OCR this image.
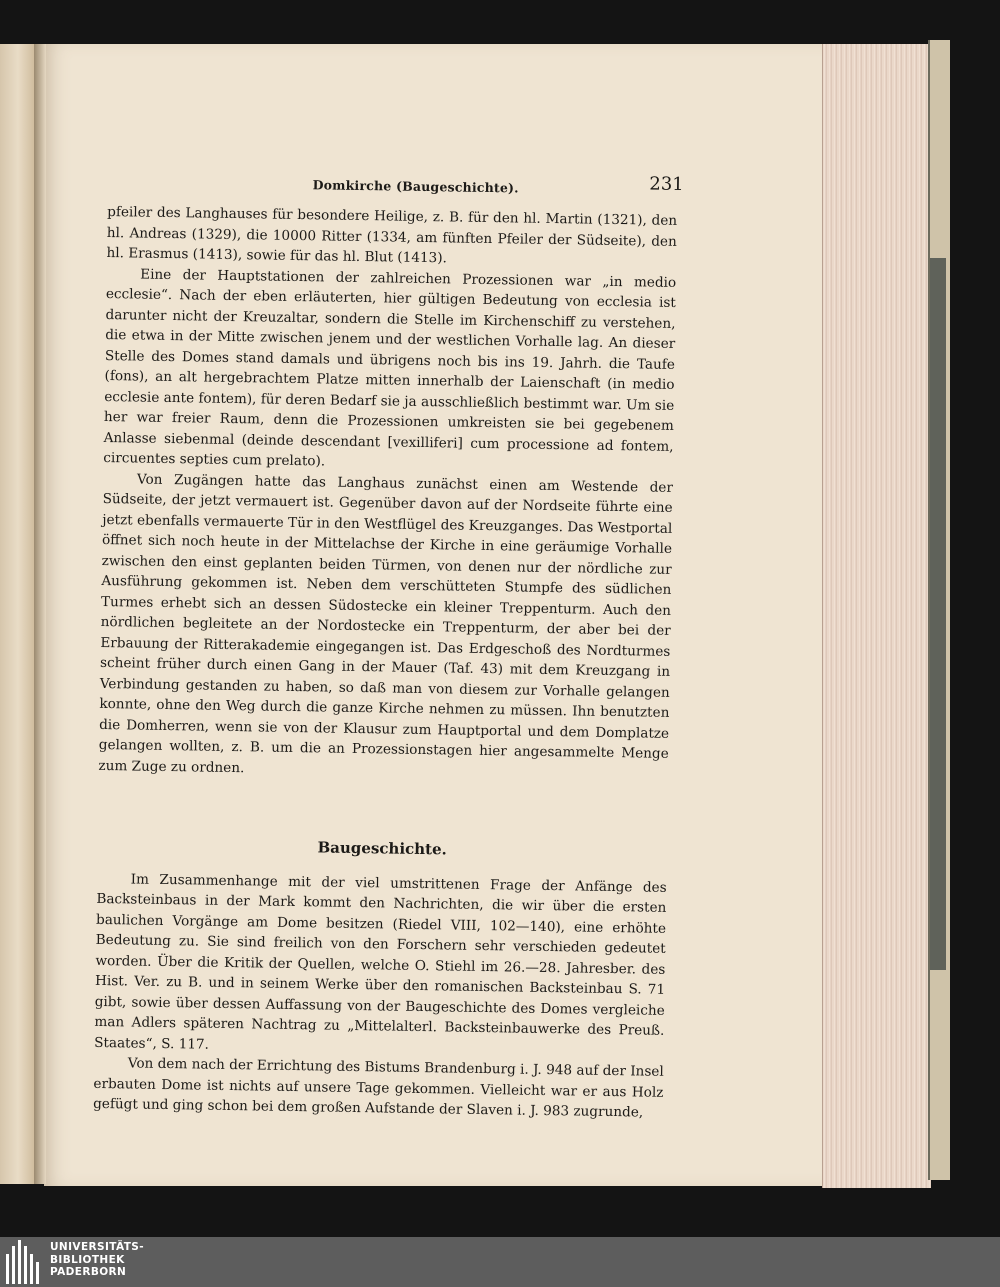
Domkirche (Baugeschichte).	231

pfeiler des Langhauses für besondere Heilige, z. B. für den hl. Martin (1321), den hl. Andreas (1329), die 10000 Ritter (1334, am fünften Pfeiler der Südseite), den hl. Erasmus (1413), sowie für das hl. Blut (1413).

Eine der Hauptstationen der zahlreichen Prozessionen war „in medio ecclesie“. Nach der eben erläuterten, hier gültigen Bedeutung von ecclesia ist darunter nicht der Kreuzaltar, sondern die Stelle im Kirchenschiff zu verstehen, die etwa in der Mitte zwischen jenem und der westlichen Vorhalle lag. An dieser Stelle des Domes stand damals und übrigens noch bis ins 19. Jahrh. die Taufe (fons), an alt hergebrachtem Platze mitten innerhalb der Laienschaft (in medio ecclesie ante fontem), für deren Bedarf sie ja ausschließlich bestimmt war. Um sie her war freier Raum, denn die Prozessionen umkreisten sie bei gegebenem Anlasse siebenmal (deinde descendant [vexilliferi] cum processione ad fontem, circuentes septies cum prelato).

Von Zugängen hatte das Langhaus zunächst einen am Westende der Südseite, der jetzt vermauert ist. Gegenüber davon auf der Nordseite führte eine jetzt ebenfalls vermauerte Tür in den Westflügel des Kreuzganges. Das Westportal öffnet sich noch heute in der Mittelachse der Kirche in eine geräumige Vorhalle zwischen den einst geplanten beiden Türmen, von denen nur der nördliche zur Ausführung gekommen ist. Neben dem verschütteten Stumpfe des südlichen Turmes erhebt sich an dessen Südostecke ein kleiner Treppenturm. Auch den nördlichen begleitete an der Nordostecke ein Treppenturm, der aber bei der Erbauung der Ritterakademie eingegangen ist. Das Erdgeschoß des Nordturmes scheint früher durch einen Gang in der Mauer (Taf. 43) mit dem Kreuzgang in Verbindung gestanden zu haben, so daß man von diesem zur Vorhalle gelangen konnte, ohne den Weg durch die ganze Kirche nehmen zu müssen. Ihn benutzten die Domherren, wenn sie von der Klausur zum Hauptportal und dem Domplatze gelangen wollten, z. B. um die an Prozessionstagen hier angesammelte Menge zum Zuge zu ordnen.

Baugeschichte.

Im Zusammenhange mit der viel umstrittenen Frage der Anfänge des Backsteinbaus in der Mark kommt den Nachrichten, die wir über die ersten baulichen Vorgänge am Dome besitzen (Riedel VIII, 102—140), eine erhöhte Bedeutung zu. Sie sind freilich von den Forschern sehr verschieden gedeutet worden. Über die Kritik der Quellen, welche O. Stiehl im 26.—28. Jahresber. des Hist. Ver. zu B. und in seinem Werke über den romanischen Backsteinbau S. 71 gibt, sowie über dessen Auffassung von der Baugeschichte des Domes vergleiche man Adlers späteren Nachtrag zu „Mittelalterl. Backsteinbauwerke des Preuß. Staates“, S. 117.

Von dem nach der Errichtung des Bistums Brandenburg i. J. 948 auf der Insel erbauten Dome ist nichts auf unsere Tage gekommen. Vielleicht war er aus Holz gefügt und ging schon bei dem großen Aufstande der Slaven i. J. 983 zugrunde,

UNIVERSITÄTS-
BIBLIOTHEK
PADERBORN
